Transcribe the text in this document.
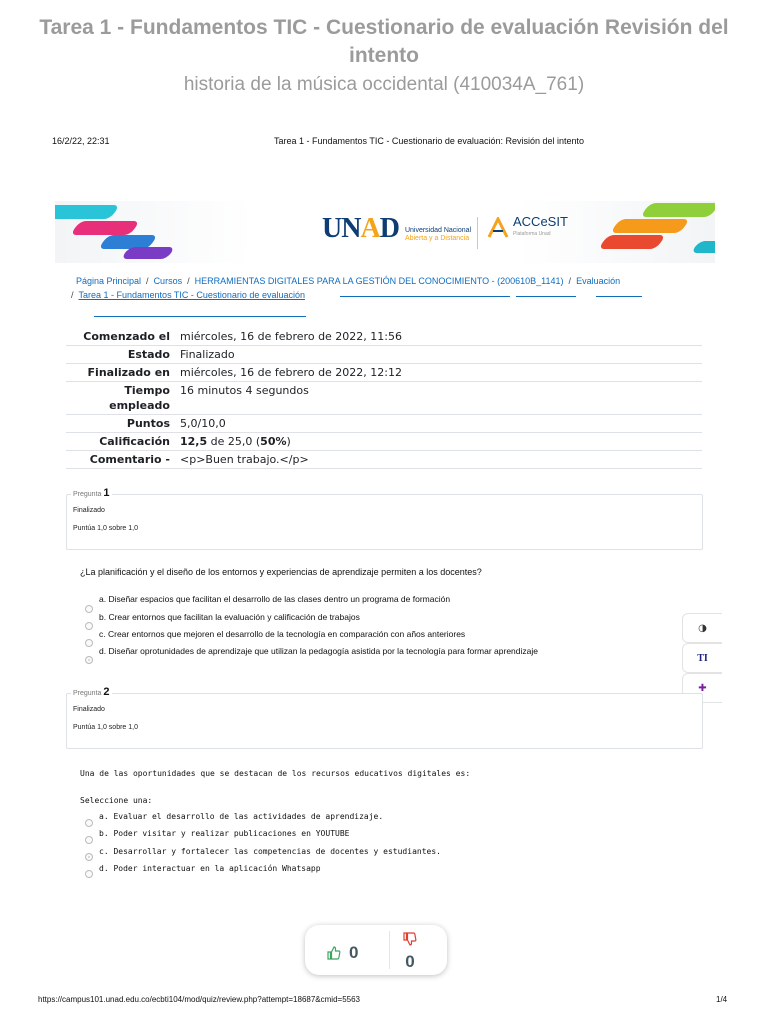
Tarea 1 - Fundamentos TIC - Cuestionario de evaluación Revisión del intento
historia de la música occidental (410034A_761)
16/2/22, 22:31	Tarea 1 - Fundamentos TIC - Cuestionario de evaluación: Revisión del intento
UNAD Universidad Nacional
Abierta y a Distancia
ACCeSIT
Plataforma Unad
Página Principal / Cursos / HERRAMIENTAS DIGITALES PARA LA GESTIÓN DEL CONOCIMIENTO - (200610B_1141) / Evaluación
/ Tarea 1 - Fundamentos TIC - Cuestionario de evaluación
Comenzado el	miércoles, 16 de febrero de 2022, 11:56
Estado	Finalizado
Finalizado en	miércoles, 16 de febrero de 2022, 12:12
Tiempo empleado	16 minutos 4 segundos
Puntos	5,0/10,0
Calificación	12,5 de 25,0 (50%)
Comentario -	<p>Buen trabajo.</p>
Pregunta 1
Finalizado
Puntúa 1,0 sobre 1,0
¿La planificación y el diseño de los entornos y experiencias de aprendizaje permiten a los docentes?
a. Diseñar espacios que facilitan el desarrollo de las clases dentro un programa de formación
b. Crear entornos que facilitan la evaluación y calificación de trabajos
c. Crear entornos que mejoren el desarrollo de la tecnología en comparación con años anteriores
d. Diseñar oprotunidades de aprendizaje que utilizan la pedagogía asistida por la tecnología para formar aprendizaje
◑
TI
✚
Pregunta 2
Finalizado
Puntúa 1,0 sobre 1,0
Una de las oportunidades que se destacan de los recursos educativos digitales es:
Seleccione una:
a. Evaluar el desarrollo de las actividades de aprendizaje.
b. Poder visitar y realizar publicaciones en YOUTUBE
c. Desarrollar y fortalecer las competencias de docentes y estudiantes.
d. Poder interactuar en la aplicación Whatsapp
0	0
https://campus101.unad.edu.co/ecbti104/mod/quiz/review.php?attempt=18687&cmid=5563	1/4
